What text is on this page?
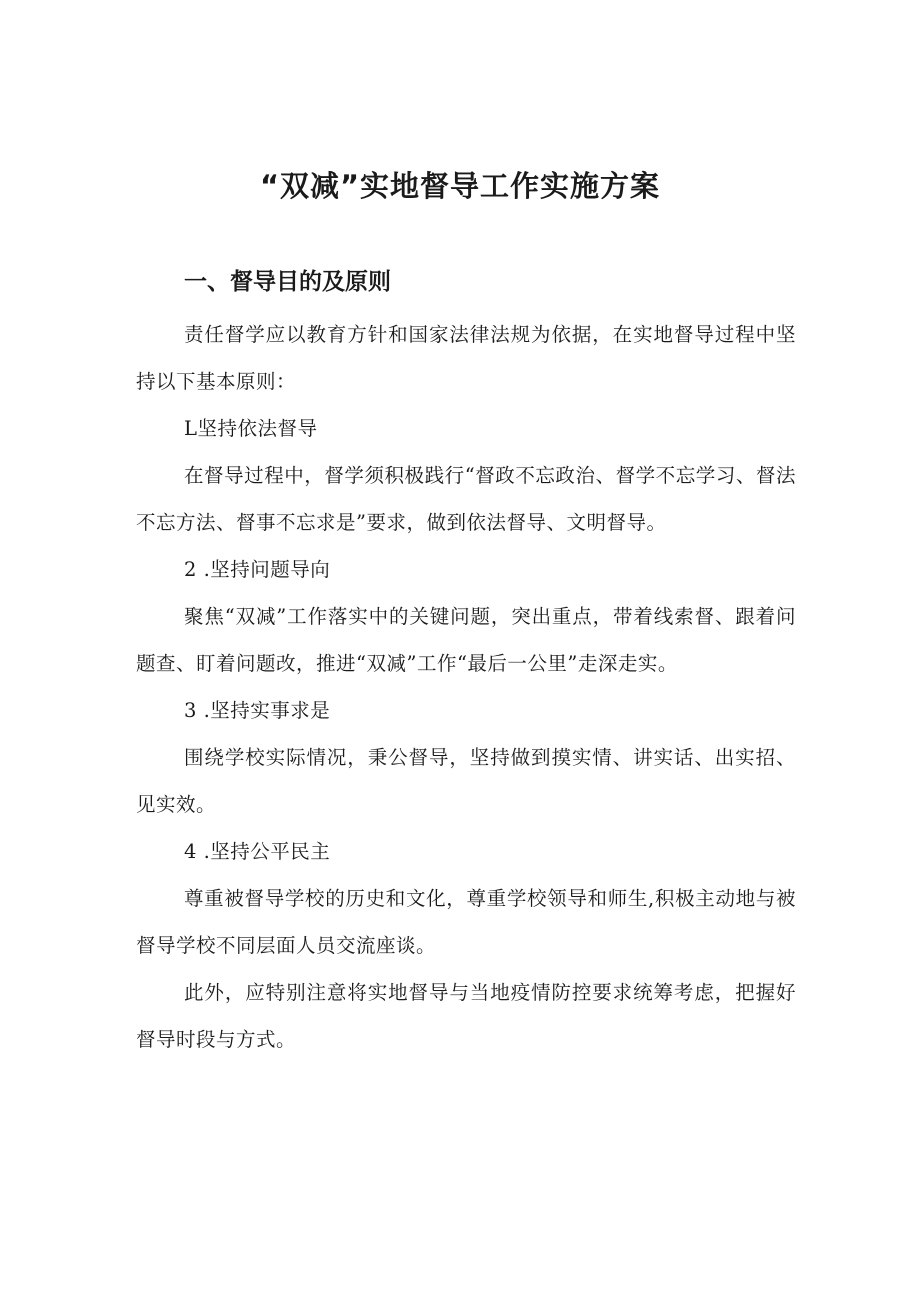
“双减”实地督导工作实施方案
一、督导目的及原则

责任督学应以教育方针和国家法律法规为依据，在实地督导过程中坚持以下基本原则：

L坚持依法督导

在督导过程中，督学须积极践行“督政不忘政治、督学不忘学习、督法不忘方法、督事不忘求是”要求，做到依法督导、文明督导。

2 .坚持问题导向

聚焦“双减”工作落实中的关键问题，突出重点，带着线索督、跟着问题查、盯着问题改，推进“双减”工作“最后一公里”走深走实。

3 .坚持实事求是

围绕学校实际情况，秉公督导，坚持做到摸实情、讲实话、出实招、见实效。

4 .坚持公平民主

尊重被督导学校的历史和文化，尊重学校领导和师生,积极主动地与被督导学校不同层面人员交流座谈。

此外，应特别注意将实地督导与当地疫情防控要求统筹考虑，把握好督导时段与方式。
